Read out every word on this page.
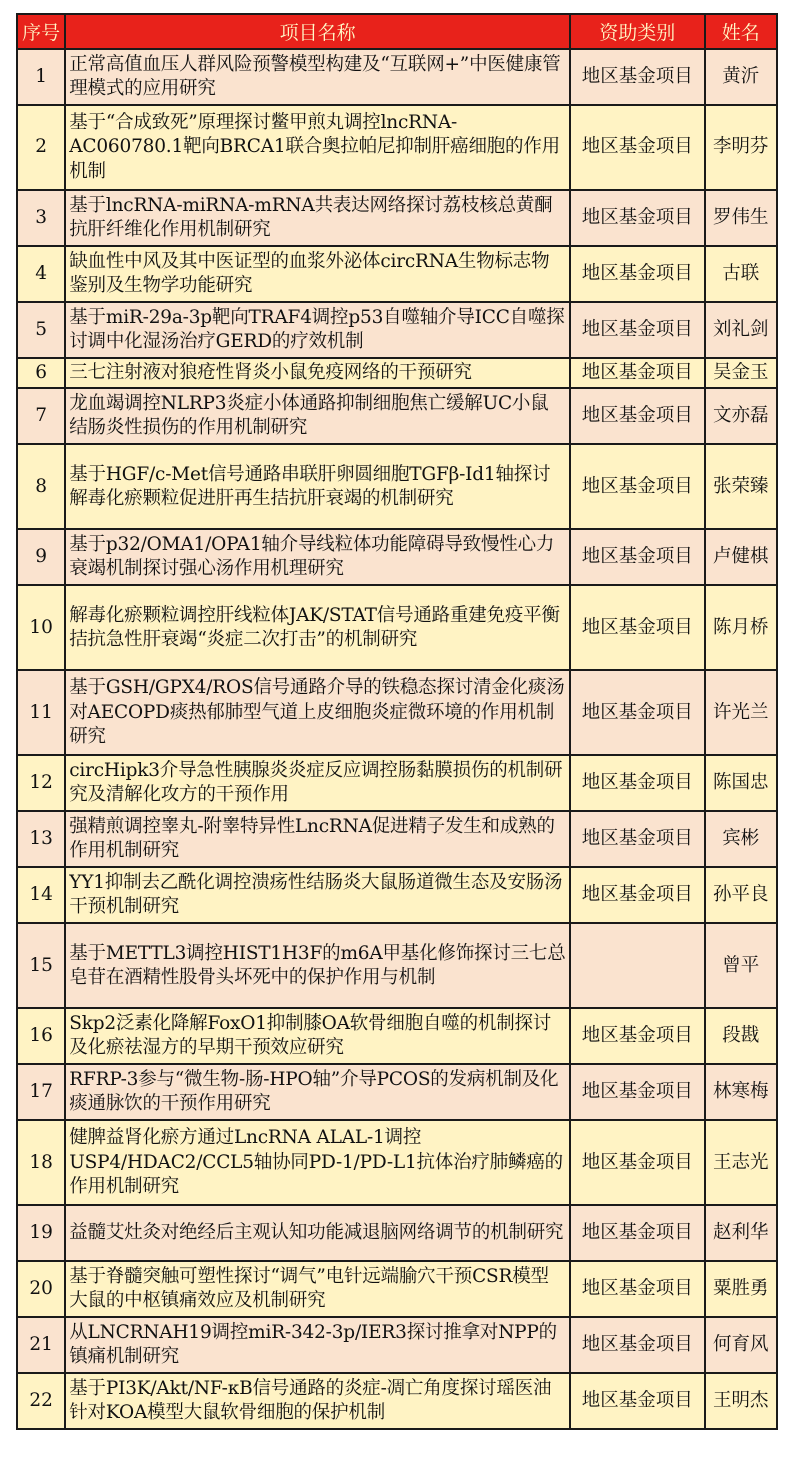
序号	项目名称	资助类别	姓名
1	正常高值血压人群风险预警模型构建及“互联网+”中医健康管理模式的应用研究	地区基金项目	黄沂
2	基于“合成致死”原理探讨鳖甲煎丸调控lncRNA-AC060780.1靶向BRCA1联合奥拉帕尼抑制肝癌细胞的作用机制	地区基金项目	李明芬
3	基于lncRNA-miRNA-mRNA共表达网络探讨荔枝核总黄酮抗肝纤维化作用机制研究	地区基金项目	罗伟生
4	缺血性中风及其中医证型的血浆外泌体circRNA生物标志物鉴别及生物学功能研究	地区基金项目	古联
5	基于miR-29a-3p靶向TRAF4调控p53自噬轴介导ICC自噬探讨调中化湿汤治疗GERD的疗效机制	地区基金项目	刘礼剑
6	三七注射液对狼疮性肾炎小鼠免疫网络的干预研究	地区基金项目	吴金玉
7	龙血竭调控NLRP3炎症小体通路抑制细胞焦亡缓解UC小鼠结肠炎性损伤的作用机制研究	地区基金项目	文亦磊
8	基于HGF/c-Met信号通路串联肝卵圆细胞TGFβ-Id1轴探讨解毒化瘀颗粒促进肝再生拮抗肝衰竭的机制研究	地区基金项目	张荣臻
9	基于p32/OMA1/OPA1轴介导线粒体功能障碍导致慢性心力衰竭机制探讨强心汤作用机理研究	地区基金项目	卢健棋
10	解毒化瘀颗粒调控肝线粒体JAK/STAT信号通路重建免疫平衡拮抗急性肝衰竭“炎症二次打击”的机制研究	地区基金项目	陈月桥
11	基于GSH/GPX4/ROS信号通路介导的铁稳态探讨清金化痰汤对AECOPD痰热郁肺型气道上皮细胞炎症微环境的作用机制研究	地区基金项目	许光兰
12	circHipk3介导急性胰腺炎炎症反应调控肠黏膜损伤的机制研究及清解化攻方的干预作用	地区基金项目	陈国忠
13	强精煎调控睾丸-附睾特异性LncRNA促进精子发生和成熟的作用机制研究	地区基金项目	宾彬
14	YY1抑制去乙酰化调控溃疡性结肠炎大鼠肠道微生态及安肠汤干预机制研究	地区基金项目	孙平良
15	基于METTL3调控HIST1H3F的m6A甲基化修饰探讨三七总皂苷在酒精性股骨头坏死中的保护作用与机制		曾平
16	Skp2泛素化降解FoxO1抑制膝OA软骨细胞自噬的机制探讨及化瘀祛湿方的早期干预效应研究	地区基金项目	段戡
17	RFRP-3参与“微生物-肠-HPO轴”介导PCOS的发病机制及化痰通脉饮的干预作用研究	地区基金项目	林寒梅
18	健脾益肾化瘀方通过LncRNA ALAL-1调控USP4/HDAC2/CCL5轴协同PD-1/PD-L1抗体治疗肺鳞癌的作用机制研究	地区基金项目	王志光
19	益髓艾灶灸对绝经后主观认知功能减退脑网络调节的机制研究	地区基金项目	赵利华
20	基于脊髓突触可塑性探讨“调气”电针远端腧穴干预CSR模型大鼠的中枢镇痛效应及机制研究	地区基金项目	粟胜勇
21	从LNCRNAH19调控miR-342-3p/IER3探讨推拿对NPP的镇痛机制研究	地区基金项目	何育风
22	基于PI3K/Akt/NF-κB信号通路的炎症-凋亡角度探讨瑶医油针对KOA模型大鼠软骨细胞的保护机制	地区基金项目	王明杰
